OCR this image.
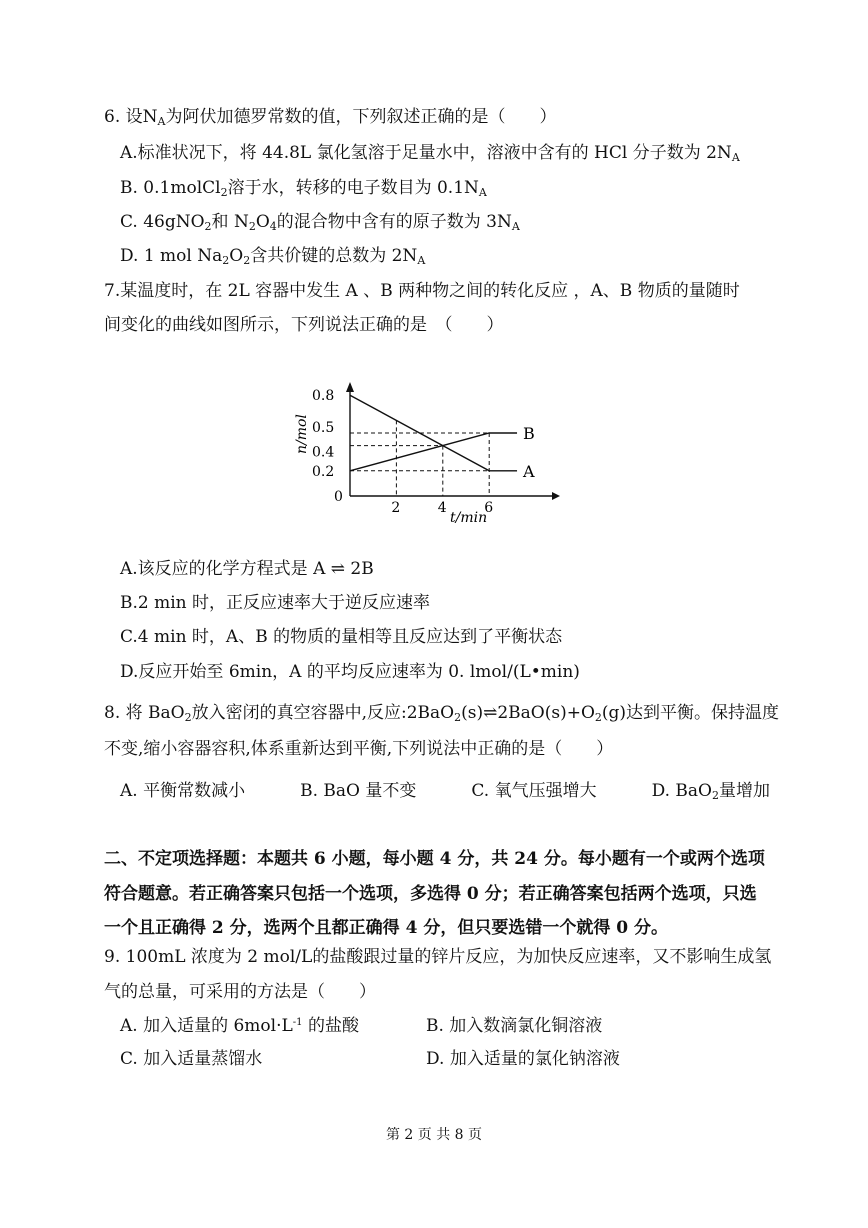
6. 设$N_A$为阿伏加德罗常数的值，下列叙述正确的是（　　）
A.标准状况下，将 44.8L 氯化氢溶于足量水中，溶液中含有的 HCl 分子数为 $2N_A$
B. 0.1molCl$_2$溶于水，转移的电子数目为 $0.1N_A$
C. 46gNO$_2$和 $N_2O_4$的混合物中含有的原子数为 $3N_A$
D. 1 mol $Na_2O_2$含共价键的总数为 $2N_A$
7.某温度时，在 2L 容器中发生 A 、B 两种物之间的转化反应 ，A、B 物质的量随时
间变化的曲线如图所示，下列说法正确的是　（　　）
A
B
2	4	6
0.8
0.5
0.4
0.2
0
t/min
n/mol
A.该反应的化学方程式是 A ⇌ 2B
B.2 min 时，正反应速率大于逆反应速率
C.4 min 时，A、B 的物质的量相等且反应达到了平衡状态
D.反应开始至 6min，A 的平均反应速率为 0. lmol/(L•min)
8. 将 BaO$_2$放入密闭的真空容器中,反应$:2BaO_2(s)\rightleftharpoons 2BaO(s)+O_2(g)$达到平衡。保持温度
不变,缩小容器容积,体系重新达到平衡,下列说法中正确的是（　　）
A. 平衡常数减小	B. BaO 量不变	C. 氧气压强增大	D. BaO$_2$量增加
二、不定项选择题：本题共 6 小题，每小题 4 分，共 24 分。每小题有一个或两个选项
符合题意。若正确答案只包括一个选项，多选得 0 分；若正确答案包括两个选项，只选
一个且正确得 2 分，选两个且都正确得 4 分，但只要选错一个就得 0 分。
9. 100mL 浓度为 2 mol/L的盐酸跟过量的锌片反应，为加快反应速率，又不影响生成氢
气的总量，可采用的方法是（　　）
A. 加入适量的 $6mol\cdot L^{-1}$ 的盐酸	B. 加入数滴氯化铜溶液
C. 加入适量蒸馏水	D. 加入适量的氯化钠溶液
第 2 页 共 8 页
